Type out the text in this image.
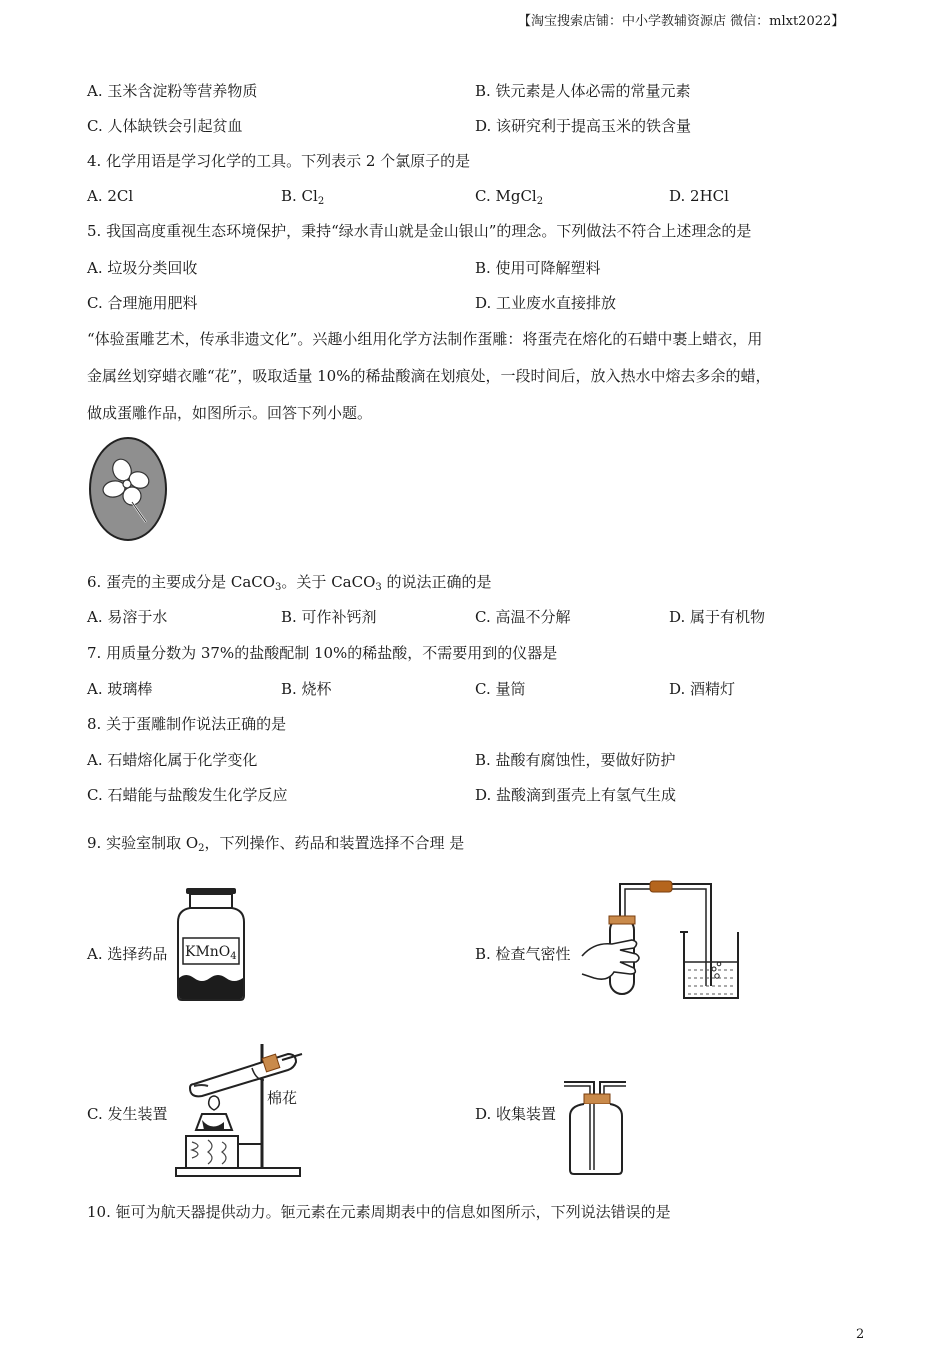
【淘宝搜索店铺：中小学教辅资源店 微信：mlxt2022】
A. 玉米含淀粉等营养物质	B. 铁元素是人体必需的常量元素
C. 人体缺铁会引起贫血	D. 该研究利于提高玉米的铁含量
4. 化学用语是学习化学的工具。下列表示 2 个氯原子的是
A. 2Cl	B. $Cl_2$	C. MgCl$_2$	D. 2HCl
5. 我国高度重视生态环境保护，秉持“绿水青山就是金山银山”的理念。下列做法不符合上述理念的是
A. 垃圾分类回收	B. 使用可降解塑料
C. 合理施用肥料	D. 工业废水直接排放
“体验蛋雕艺术，传承非遗文化”。兴趣小组用化学方法制作蛋雕：将蛋壳在熔化的石蜡中裹上蜡衣，用
金属丝划穿蜡衣雕“花”，吸取适量 10%的稀盐酸滴在划痕处，一段时间后，放入热水中熔去多余的蜡，
做成蛋雕作品，如图所示。回答下列小题。
6. 蛋壳的主要成分是 CaCO$_3$。关于 CaCO$_3$ 的说法正确的是
A. 易溶于水	B. 可作补钙剂	C. 高温不分解	D. 属于有机物
7. 用质量分数为 37%的盐酸配制 10%的稀盐酸，不需要用到的仪器是
A. 玻璃棒	B. 烧杯	C. 量筒	D. 酒精灯
8. 关于蛋雕制作说法正确的是
A. 石蜡熔化属于化学变化	B. 盐酸有腐蚀性，要做好防护
C. 石蜡能与盐酸发生化学反应	D. 盐酸滴到蛋壳上有氢气生成
9. 实验室制取 $O_2$，下列操作、药品和装置选择不合理 是
A. 选择药品 KMnO$_4$	B. 检查气密性
C. 发生装置
棉花
D. 收集装置
10. 钷可为航天器提供动力。钷元素在元素周期表中的信息如图所示，下列说法错误的是
2
